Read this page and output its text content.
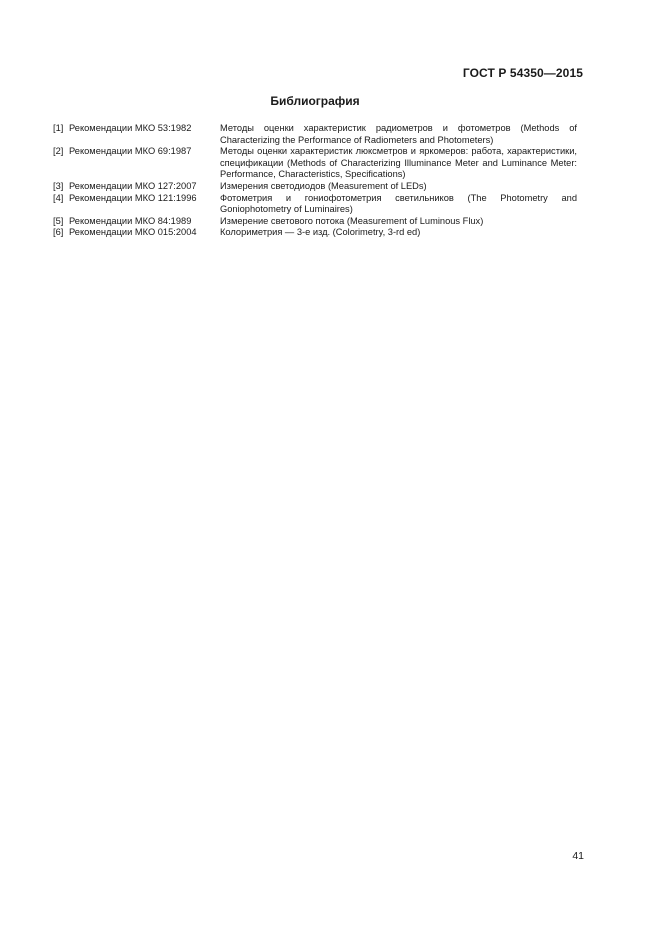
ГОСТ Р 54350—2015
Библиография
[1] Рекомендации МКО 53:1982	Методы оценки характеристик радиометров и фотометров (Methods of Characterizing the Performance of Radiometers and Photometers)
[2] Рекомендации МКО 69:1987	Методы оценки характеристик люксметров и яркомеров: работа, характеристики, спецификации (Methods of Characterizing Illuminance Meter and Luminance Meter: Performance, Characteristics, Specifications)
[3] Рекомендации МКО 127:2007	Измерения светодиодов (Measurement of LEDs)
[4] Рекомендации МКО 121:1996	Фотометрия и гониофотометрия светильников (The Photometry and Goniophotometry of Luminaires)
[5] Рекомендации МКО 84:1989	Измерение светового потока (Measurement of Luminous Flux)
[6] Рекомендации МКО 015:2004	Колориметрия — 3-е изд. (Colorimetry, 3-rd ed)
41
